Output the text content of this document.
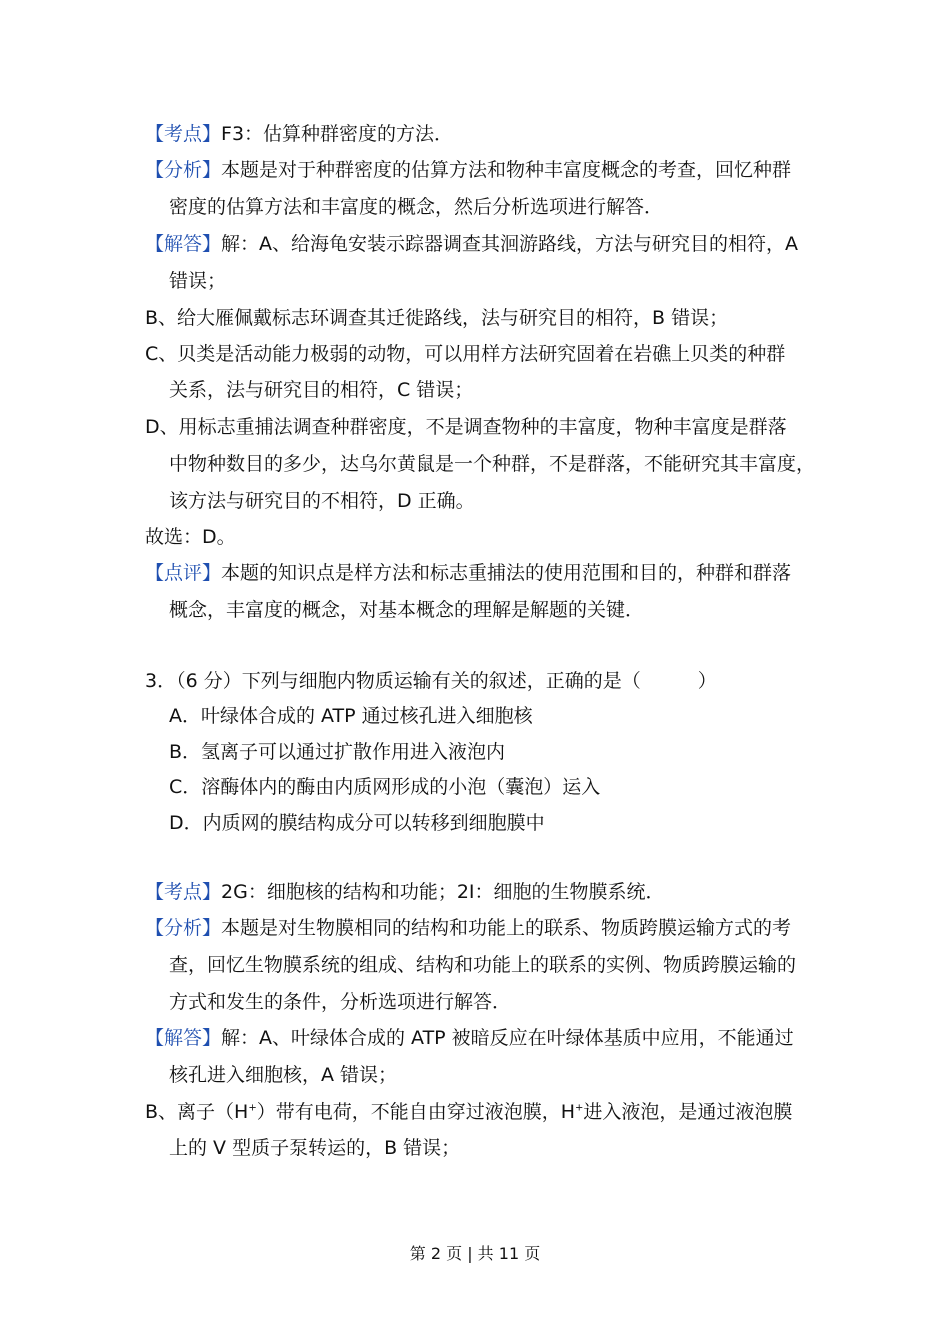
【考点】F3：估算种群密度的方法．
【分析】本题是对于种群密度的估算方法和物种丰富度概念的考查，回忆种群
密度的估算方法和丰富度的概念，然后分析选项进行解答．
【解答】解：A、给海龟安装示踪器调查其洄游路线，方法与研究目的相符，A
错误；
B、给大雁佩戴标志环调查其迁徙路线，法与研究目的相符，B 错误；
C、贝类是活动能力极弱的动物，可以用样方法研究固着在岩礁上贝类的种群
关系，法与研究目的相符，C 错误；
D、用标志重捕法调查种群密度，不是调查物种的丰富度，物种丰富度是群落
中物种数目的多少，达乌尔黄鼠是一个种群，不是群落，不能研究其丰富度，
该方法与研究目的不相符，D 正确。
故选：D。
【点评】本题的知识点是样方法和标志重捕法的使用范围和目的，种群和群落
概念，丰富度的概念，对基本概念的理解是解题的关键．
3．（6 分）下列与细胞内物质运输有关的叙述，正确的是（　　　）
A．叶绿体合成的 ATP 通过核孔进入细胞核
B．氢离子可以通过扩散作用进入液泡内
C．溶酶体内的酶由内质网形成的小泡（囊泡）运入
D．内质网的膜结构成分可以转移到细胞膜中
【考点】2G：细胞核的结构和功能；2I：细胞的生物膜系统．
【分析】本题是对生物膜相同的结构和功能上的联系、物质跨膜运输方式的考
查，回忆生物膜系统的组成、结构和功能上的联系的实例、物质跨膜运输的
方式和发生的条件，分析选项进行解答．
【解答】解：A、叶绿体合成的 ATP 被暗反应在叶绿体基质中应用，不能通过
核孔进入细胞核，A 错误；
B、离子（H+）带有电荷，不能自由穿过液泡膜，H+进入液泡，是通过液泡膜
上的 V 型质子泵转运的，B 错误；
第 2 页 | 共 11 页
